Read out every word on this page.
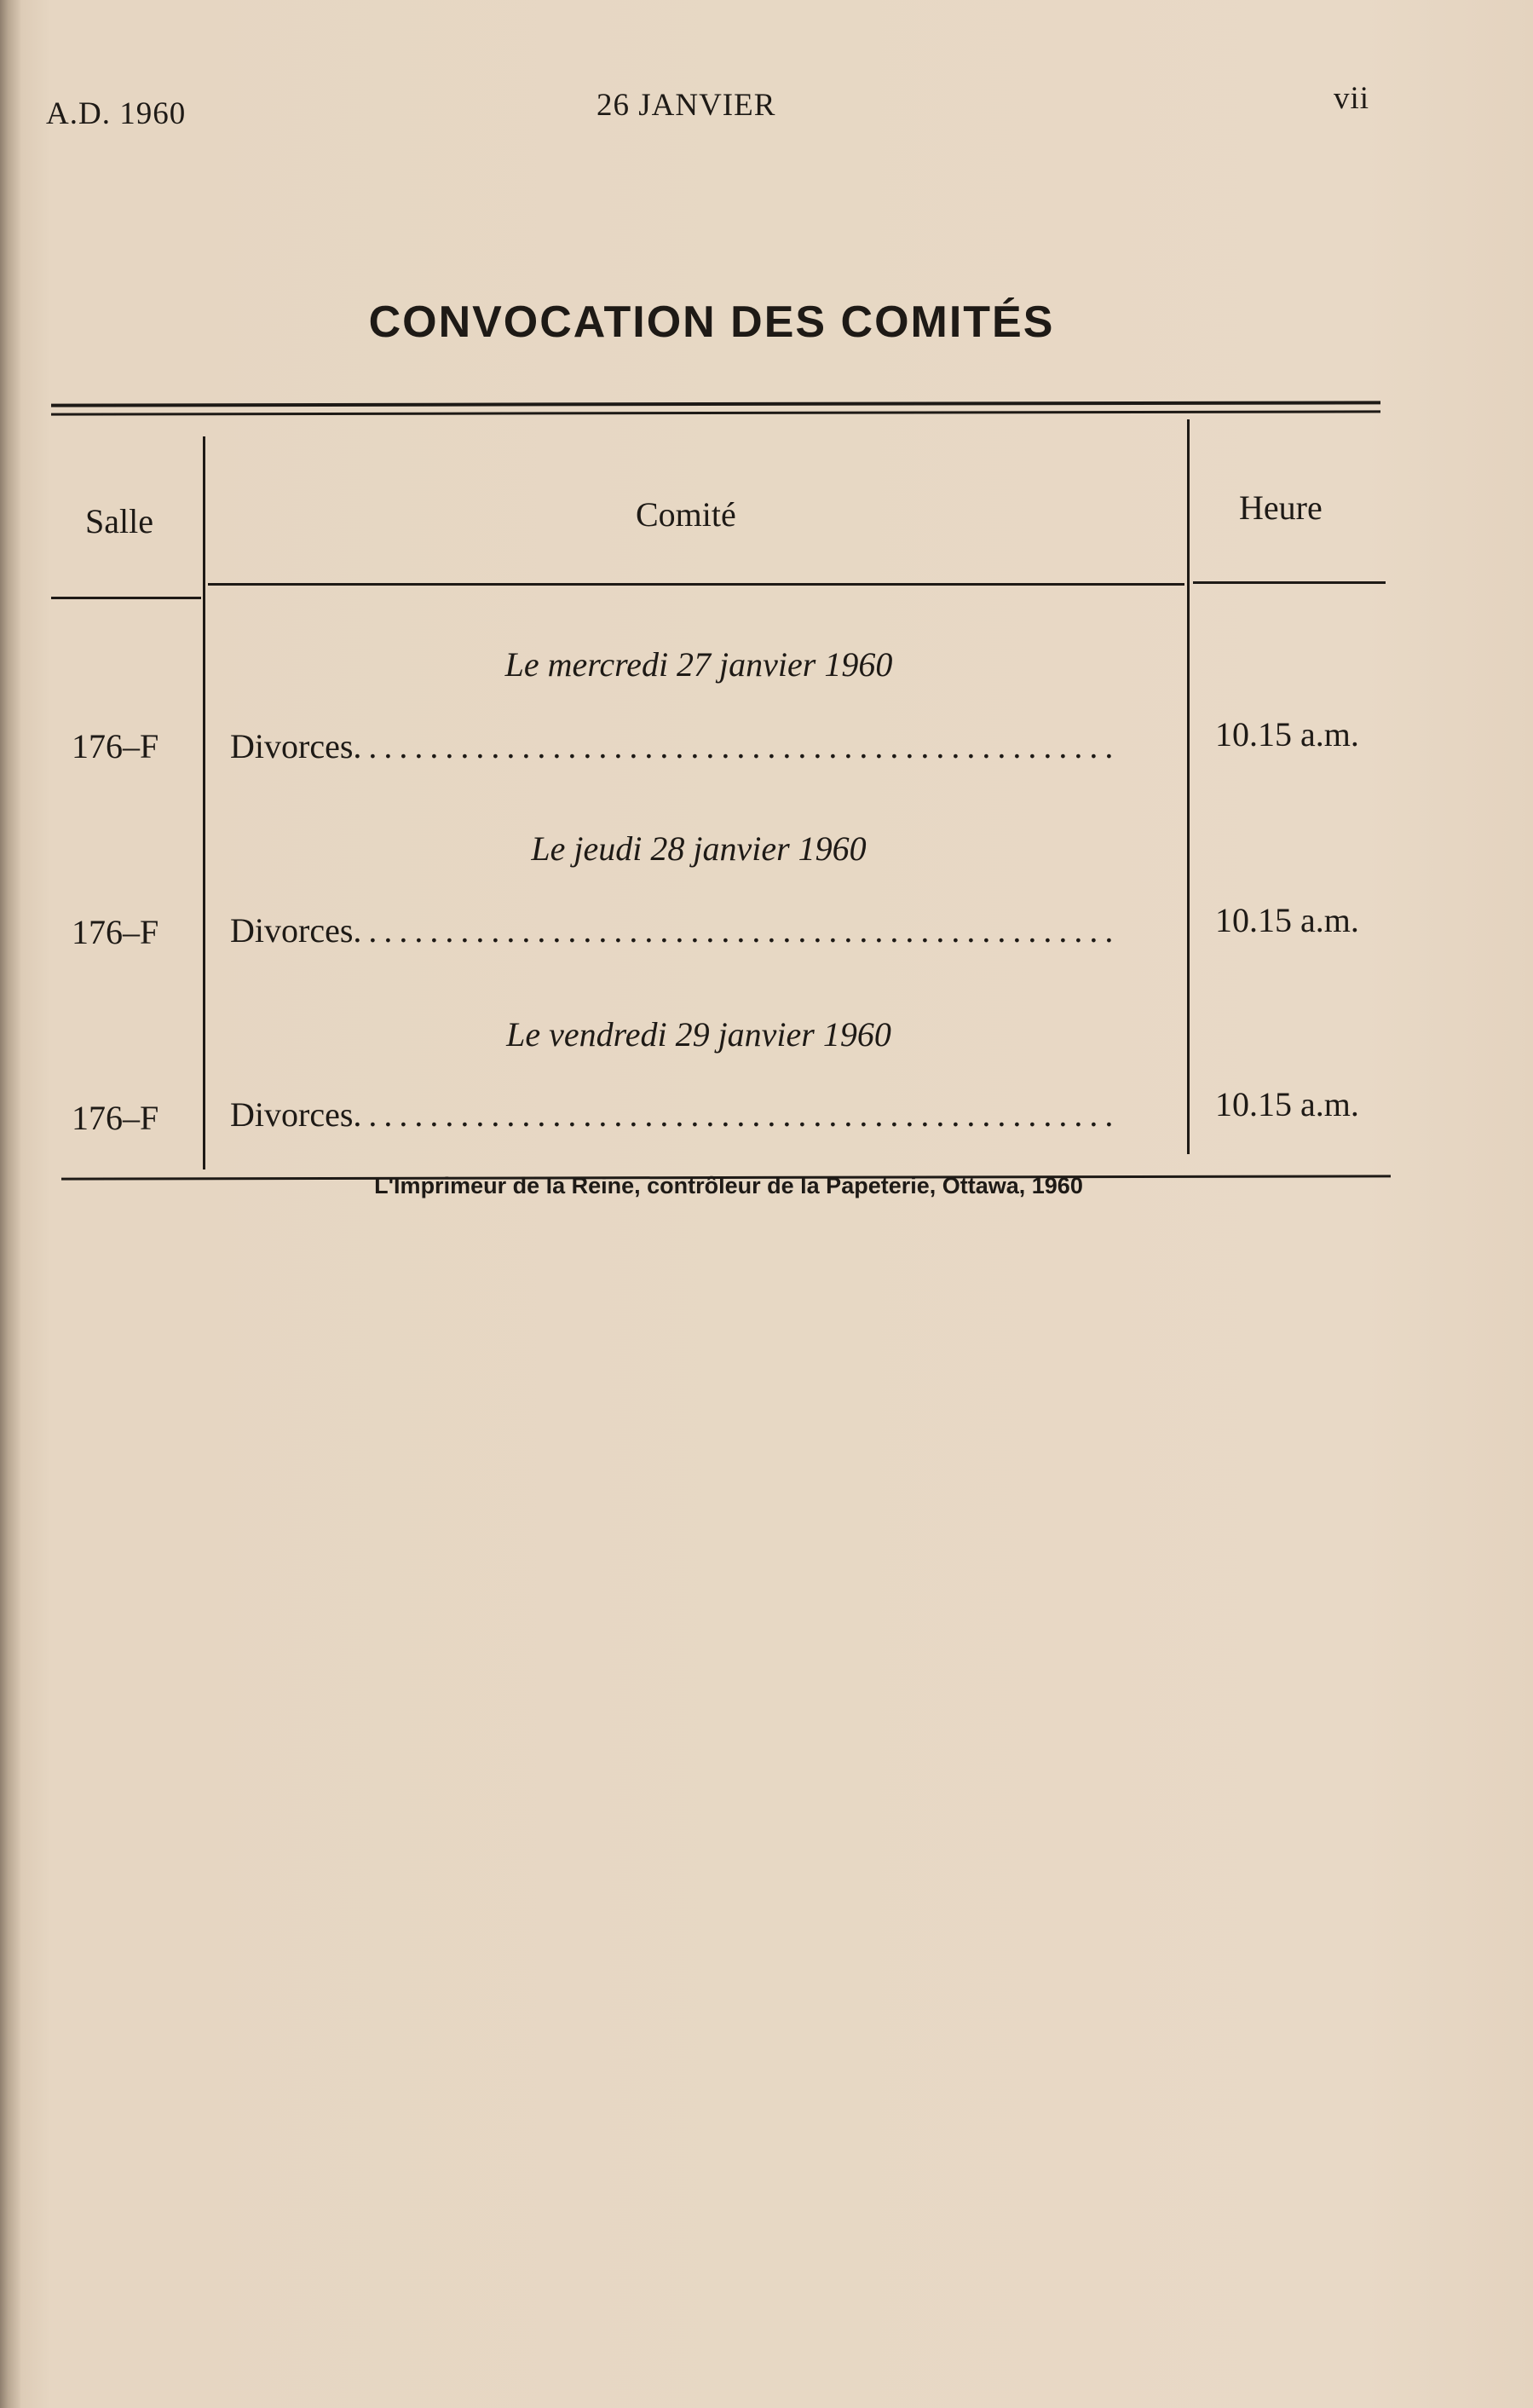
A.D. 1960	26 JANVIER	vii
CONVOCATION DES COMITÉS
Salle	Comité	Heure
Le mercredi 27 janvier 1960
176–F	Divorces..................................................	10.15 a.m.
Le jeudi 28 janvier 1960
176–F	Divorces..................................................	10.15 a.m.
Le vendredi 29 janvier 1960
176–F	Divorces..................................................	10.15 a.m.
L'Imprimeur de la Reine, contrôleur de la Papeterie, Ottawa, 1960
